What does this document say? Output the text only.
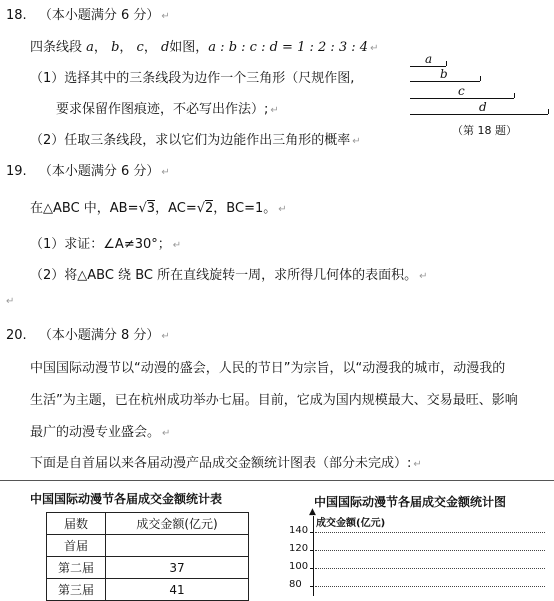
18. （本小题满分 6 分） ↵
四条线段 a， b， c， d如图，a : b : c : d = 1 : 2 : 3 : 4 ↵
（1）选择其中的三条线段为边作一个三角形（尺规作图,
要求保留作图痕迹，不必写出作法）; ↵
（2）任取三条线段，求以它们为边能作出三角形的概率 ↵
a
b
c
d
（第 18 题）
19. （本小题满分 6 分） ↵
在△ABC 中，AB=√3，AC=√2，BC=1。 ↵
（1）求证：∠A≠30°； ↵
（2）将△ABC 绕 BC 所在直线旋转一周，求所得几何体的表面积。 ↵
↵
20. （本小题满分 8 分） ↵
中国国际动漫节以“动漫的盛会，人民的节日”为宗旨，以“动漫我的城市，动漫我的
生活”为主题，已在杭州成功举办七届。目前，它成为国内规模最大、交易最旺、影响
最广的动漫专业盛会。 ↵
下面是自首届以来各届动漫产品成交金额统计图表（部分未完成）: ↵
中国国际动漫节各届成交金额统计表
届数	成交金额(亿元)
首届	
第二届	37
第三届	41
中国国际动漫节各届成交金额统计图
▲
成交金额(亿元)
140
120
100
80
